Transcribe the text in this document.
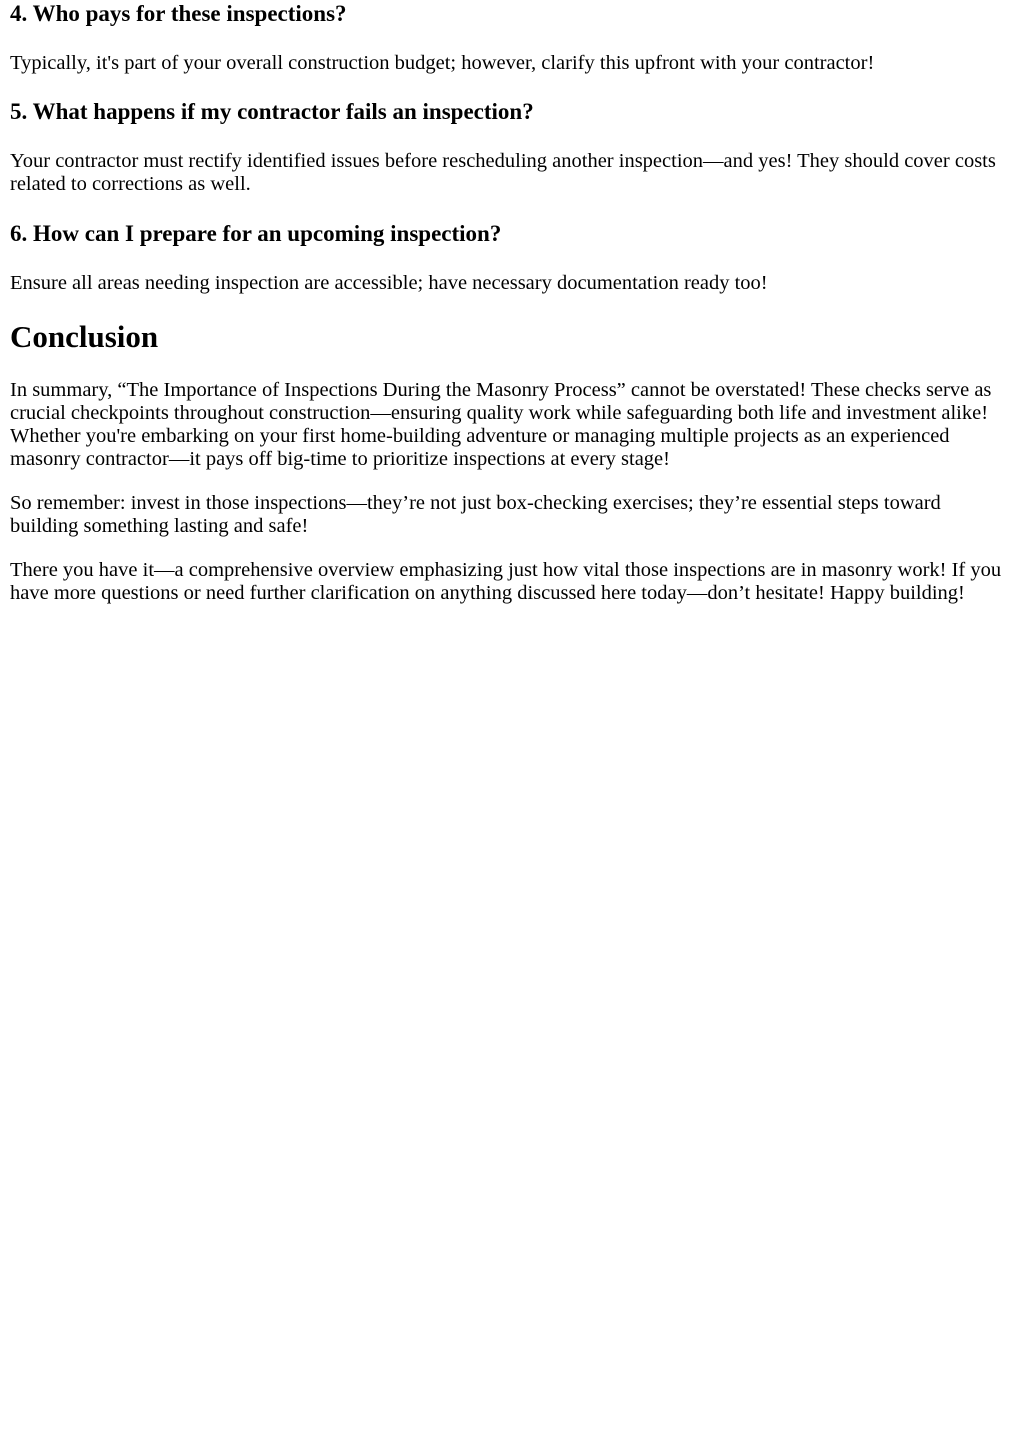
4. Who pays for these inspections?

Typically, it's part of your overall construction budget; however, clarify this upfront with your contractor!

5. What happens if my contractor fails an inspection?

Your contractor must rectify identified issues before rescheduling another inspection—and yes! They should cover costs related to corrections as well.

6. How can I prepare for an upcoming inspection?

Ensure all areas needing inspection are accessible; have necessary documentation ready too!

Conclusion

In summary, “The Importance of Inspections During the Masonry Process” cannot be overstated! These checks serve as crucial checkpoints throughout construction—ensuring quality work while safeguarding both life and investment alike! Whether you're embarking on your first home-building adventure or managing multiple projects as an experienced masonry contractor—it pays off big-time to prioritize inspections at every stage!

So remember: invest in those inspections—they’re not just box-checking exercises; they’re essential steps toward building something lasting and safe!

There you have it—a comprehensive overview emphasizing just how vital those inspections are in masonry work! If you have more questions or need further clarification on anything discussed here today—don’t hesitate! Happy building!
